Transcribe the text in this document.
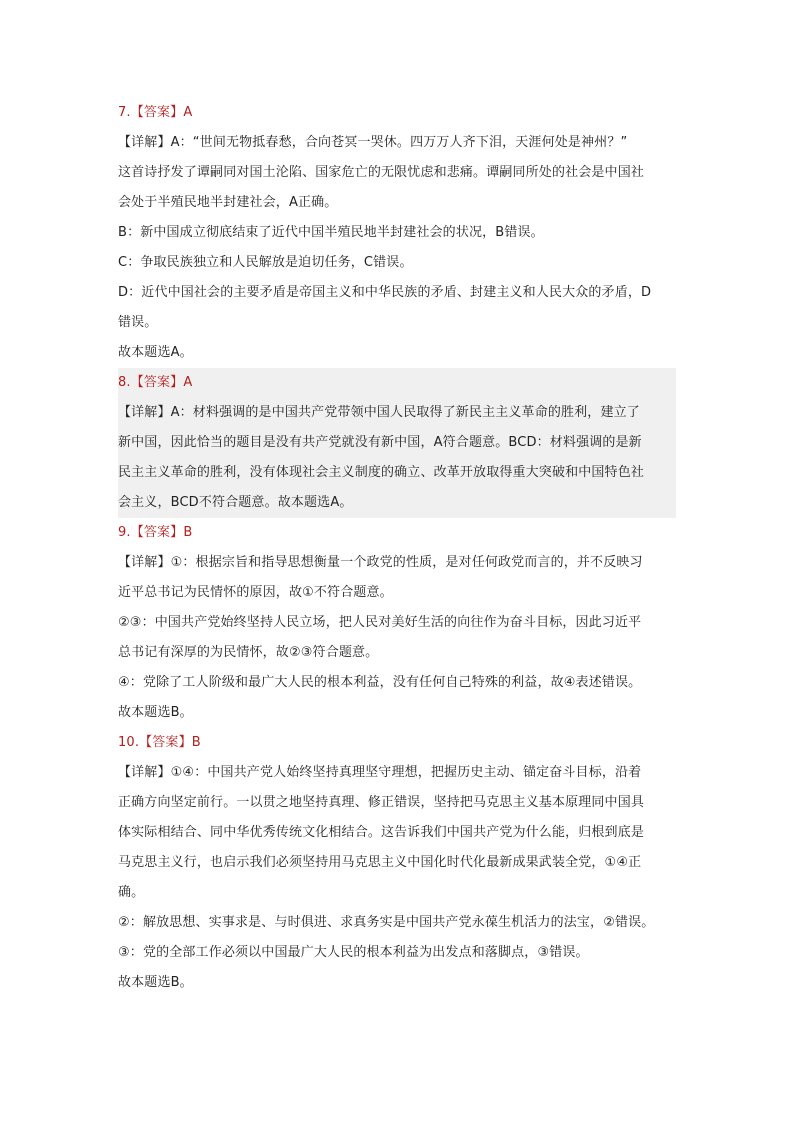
7.【答案】A
【详解】A：“世间无物抵春愁，合向苍冥一哭休。四万万人齐下泪，天涯何处是神州？”
这首诗抒发了谭嗣同对国土沦陷、国家危亡的无限忧虑和悲痛。谭嗣同所处的社会是中国社
会处于半殖民地半封建社会，A正确。
B：新中国成立彻底结束了近代中国半殖民地半封建社会的状况，B错误。
C：争取民族独立和人民解放是迫切任务，C错误。
D：近代中国社会的主要矛盾是帝国主义和中华民族的矛盾、封建主义和人民大众的矛盾，D
错误。
故本题选A。
8.【答案】A
【详解】A：材料强调的是中国共产党带领中国人民取得了新民主主义革命的胜利，建立了
新中国，因此恰当的题目是没有共产党就没有新中国，A符合题意。BCD：材料强调的是新
民主主义革命的胜利，没有体现社会主义制度的确立、改革开放取得重大突破和中国特色社
会主义，BCD不符合题意。故本题选A。
9.【答案】B
【详解】①：根据宗旨和指导思想衡量一个政党的性质，是对任何政党而言的，并不反映习
近平总书记为民情怀的原因，故①不符合题意。
②③：中国共产党始终坚持人民立场，把人民对美好生活的向往作为奋斗目标，因此习近平
总书记有深厚的为民情怀，故②③符合题意。
④：党除了工人阶级和最广大人民的根本利益，没有任何自己特殊的利益，故④表述错误。
故本题选B。
10.【答案】B
【详解】①④：中国共产党人始终坚持真理坚守理想，把握历史主动、锚定奋斗目标，沿着
正确方向坚定前行。一以贯之地坚持真理、修正错误，坚持把马克思主义基本原理同中国具
体实际相结合、同中华优秀传统文化相结合。这告诉我们中国共产党为什么能，归根到底是
马克思主义行，也启示我们必须坚持用马克思主义中国化时代化最新成果武装全党，①④正
确。
②：解放思想、实事求是、与时俱进、求真务实是中国共产党永葆生机活力的法宝，②错误。
③：党的全部工作必须以中国最广大人民的根本利益为出发点和落脚点，③错误。
故本题选B。
